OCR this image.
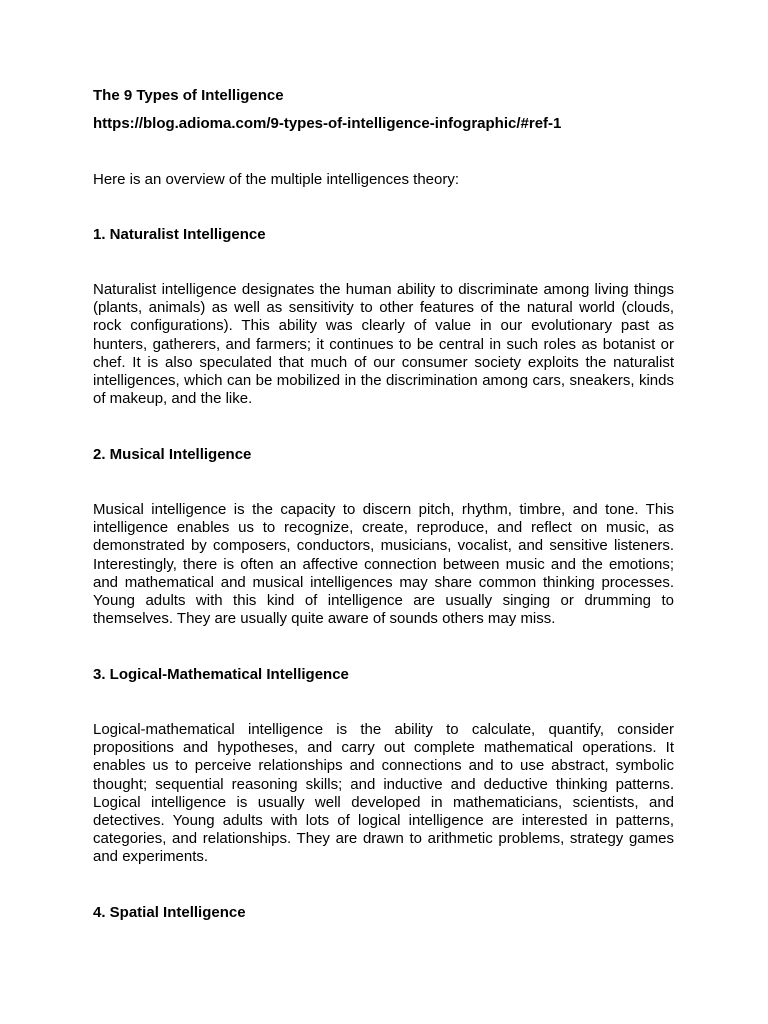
The 9 Types of Intelligence

https://blog.adioma.com/9-types-of-intelligence-infographic/#ref-1

Here is an overview of the multiple intelligences theory:

1. Naturalist Intelligence

Naturalist intelligence designates the human ability to discriminate among living things (plants, animals) as well as sensitivity to other features of the natural world (clouds, rock configurations). This ability was clearly of value in our evolutionary past as hunters, gatherers, and farmers; it continues to be central in such roles as botanist or chef. It is also speculated that much of our consumer society exploits the naturalist intelligences, which can be mobilized in the discrimination among cars, sneakers, kinds of makeup, and the like.

2. Musical Intelligence

Musical intelligence is the capacity to discern pitch, rhythm, timbre, and tone. This intelligence enables us to recognize, create, reproduce, and reflect on music, as demonstrated by composers, conductors, musicians, vocalist, and sensitive listeners. Interestingly, there is often an affective connection between music and the emotions; and mathematical and musical intelligences may share common thinking processes. Young adults with this kind of intelligence are usually singing or drumming to themselves. They are usually quite aware of sounds others may miss.

3. Logical-Mathematical Intelligence

Logical-mathematical intelligence is the ability to calculate, quantify, consider propositions and hypotheses, and carry out complete mathematical operations. It enables us to perceive relationships and connections and to use abstract, symbolic thought; sequential reasoning skills; and inductive and deductive thinking patterns. Logical intelligence is usually well developed in mathematicians, scientists, and detectives. Young adults with lots of logical intelligence are interested in patterns, categories, and relationships. They are drawn to arithmetic problems, strategy games and experiments.

4. Spatial Intelligence
